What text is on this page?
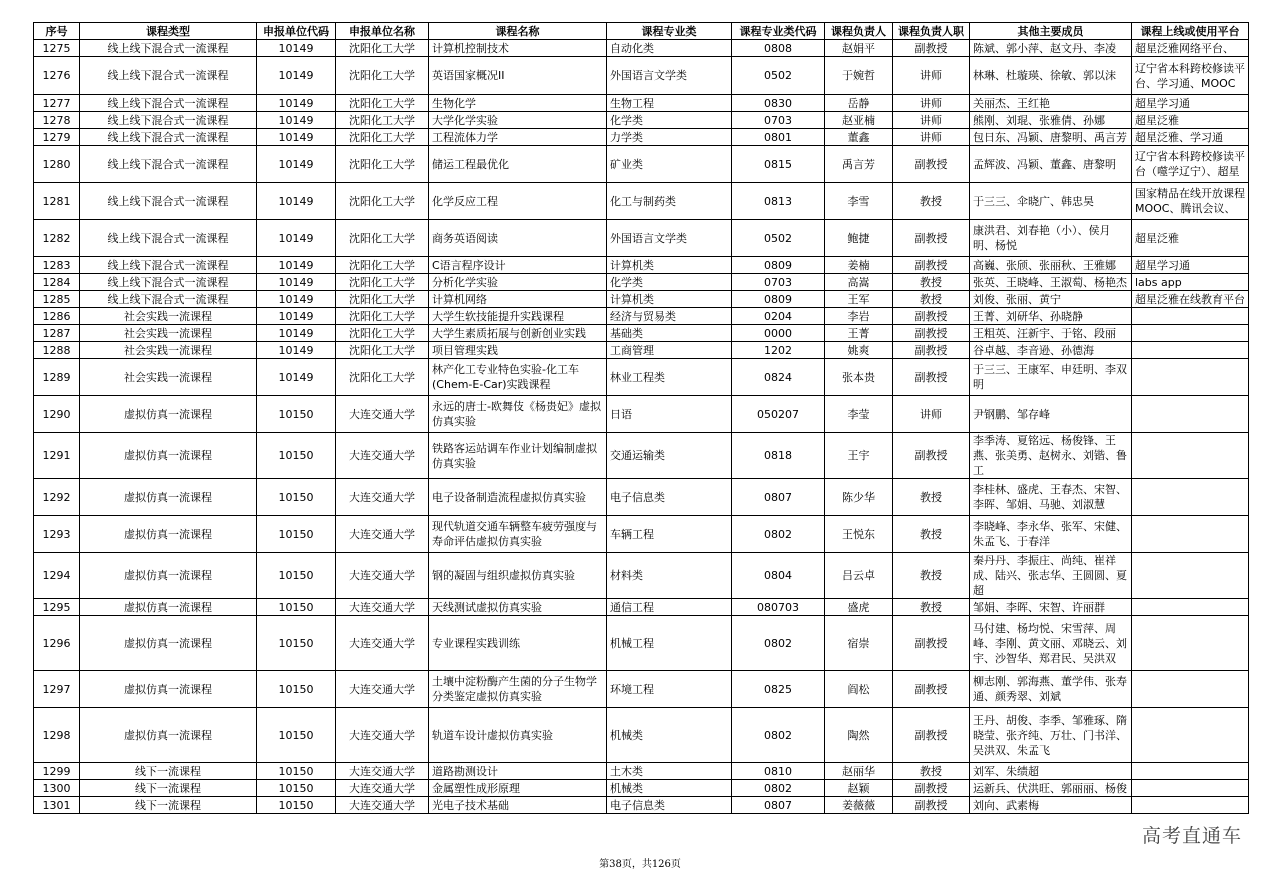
序号	课程类型	申报单位代码	申报单位名称	课程名称	课程专业类	课程专业类代码	课程负责人	课程负责人职	其他主要成员	课程上线或使用平台
1275	线上线下混合式一流课程	10149	沈阳化工大学	计算机控制技术	自动化类	0808	赵娟平	副教授	陈斌、郭小萍、赵文丹、李凌	超星泛雅网络平台、
1276	线上线下混合式一流课程	10149	沈阳化工大学	英语国家概况II	外国语言文学类	0502	于婉哲	讲师	林琳、杜璇瑛、徐敏、郭以沫	辽宁省本科跨校修读平台、学习通、MOOC
1277	线上线下混合式一流课程	10149	沈阳化工大学	生物化学	生物工程	0830	岳静	讲师	关丽杰、王红艳	超星学习通
1278	线上线下混合式一流课程	10149	沈阳化工大学	大学化学实验	化学类	0703	赵亚楠	讲师	熊刚、刘琨、张雅倩、孙娜	超星泛雅
1279	线上线下混合式一流课程	10149	沈阳化工大学	工程流体力学	力学类	0801	董鑫	讲师	包日东、冯颖、唐黎明、禹言芳	超星泛雅、学习通
1280	线上线下混合式一流课程	10149	沈阳化工大学	储运工程最优化	矿业类	0815	禹言芳	副教授	孟辉波、冯颖、董鑫、唐黎明	辽宁省本科跨校修读平台（噬学辽宁）、超星
1281	线上线下混合式一流课程	10149	沈阳化工大学	化学反应工程	化工与制药类	0813	李雪	教授	于三三、伞晓广、韩忠昊	国家精品在线开放课程MOOC、腾讯会议、
1282	线上线下混合式一流课程	10149	沈阳化工大学	商务英语阅读	外国语言文学类	0502	鲍捷	副教授	康洪君、刘春艳（小）、侯月明、杨悦	超星泛雅
1283	线上线下混合式一流课程	10149	沈阳化工大学	C语言程序设计	计算机类	0809	姜楠	副教授	高巍、张颀、张丽秋、王雅娜	超星学习通
1284	线上线下混合式一流课程	10149	沈阳化工大学	分析化学实验	化学类	0703	高嵩	教授	张英、王晓峰、王淑萄、杨艳杰	labs app
1285	线上线下混合式一流课程	10149	沈阳化工大学	计算机网络	计算机类	0809	王军	教授	刘俊、张丽、黄宁	超星泛雅在线教育平台
1286	社会实践一流课程	10149	沈阳化工大学	大学生软技能提升实践课程	经济与贸易类	0204	李岩	副教授	王菁、刘研华、孙晓静	
1287	社会实践一流课程	10149	沈阳化工大学	大学生素质拓展与创新创业实践	基础类	0000	王菁	副教授	王粗英、汪新宇、于铭、段丽	
1288	社会实践一流课程	10149	沈阳化工大学	项目管理实践	工商管理	1202	姚爽	副教授	谷卓越、李音逊、孙德海	
1289	社会实践一流课程	10149	沈阳化工大学	林产化工专业特色实验-化工车(Chem-E-Car)实践课程	林业工程类	0824	张本贵	副教授	于三三、王康军、申廷明、李双明	
1290	虚拟仿真一流课程	10150	大连交通大学	永远的唐士-欧舞伎《杨贵妃》虚拟仿真实验	日语	050207	李莹	讲师	尹钢鹏、邹存峰	
1291	虚拟仿真一流课程	10150	大连交通大学	铁路客运站调车作业计划编制虚拟仿真实验	交通运输类	0818	王宇	副教授	李季涛、夏铭远、杨俊锋、王燕、张美勇、赵树永、刘锴、鲁工	
1292	虚拟仿真一流课程	10150	大连交通大学	电子设备制造流程虚拟仿真实验	电子信息类	0807	陈少华	教授	李桂林、盛虎、王春杰、宋智、李晖、邹娟、马驰、刘淑慧	
1293	虚拟仿真一流课程	10150	大连交通大学	现代轨道交通车辆整车疲劳强度与寿命评估虚拟仿真实验	车辆工程	0802	王悦东	教授	李晓峰、李永华、张军、宋健、朱孟飞、于春洋	
1294	虚拟仿真一流课程	10150	大连交通大学	钢的凝固与组织虚拟仿真实验	材料类	0804	吕云卓	教授	秦丹丹、李振庄、尚纯、崔祥成、陆兴、张志华、王圆圆、夏超	
1295	虚拟仿真一流课程	10150	大连交通大学	天线测试虚拟仿真实验	通信工程	080703	盛虎	教授	邹娟、李晖、宋智、许丽群	
1296	虚拟仿真一流课程	10150	大连交通大学	专业课程实践训练	机械工程	0802	宿崇	副教授	马付建、杨均悦、宋雪萍、周峰、李刚、黄文丽、邓晓云、刘宇、沙智华、郑君民、吴洪双	
1297	虚拟仿真一流课程	10150	大连交通大学	土壤中淀粉酶产生菌的分子生物学分类鉴定虚拟仿真实验	环境工程	0825	阎松	副教授	柳志刚、郭海燕、董学伟、张寿通、颜秀翠、刘斌	
1298	虚拟仿真一流课程	10150	大连交通大学	轨道车设计虚拟仿真实验	机械类	0802	陶然	副教授	王丹、胡俊、李季、邹雅琢、隋晓莹、张齐纯、万壮、门书洋、吴洪双、朱孟飞	
1299	线下一流课程	10150	大连交通大学	道路勘测设计	土木类	0810	赵丽华	教授	刘军、朱绩超	
1300	线下一流课程	10150	大连交通大学	金属塑性成形原理	机械类	0802	赵颖	副教授	运新兵、伏洪旺、郭丽丽、杨俊	
1301	线下一流课程	10150	大连交通大学	光电子技术基础	电子信息类	0807	姜薇薇	副教授	刘向、武素梅	
第38页，共126页
高考直通车
